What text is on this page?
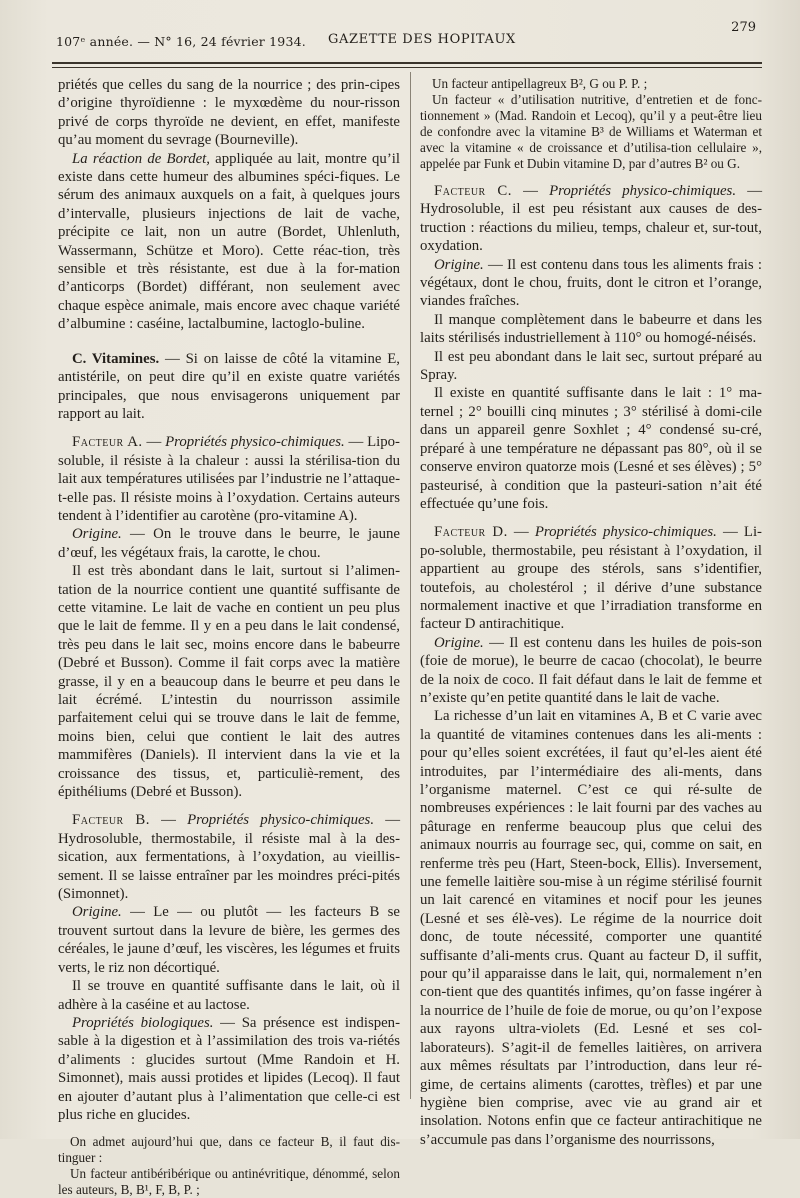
107ᵉ année. — N° 16, 24 février 1934. GAZETTE DES HOPITAUX
279

priétés que celles du sang de la nourrice ; des prin-cipes d’origine thyroïdienne : le myxœdème du nour-risson privé de corps thyroïde ne devient, en effet, manifeste qu’au moment du sevrage (Bourneville).

La réaction de Bordet, appliquée au lait, montre qu’il existe dans cette humeur des albumines spéci-fiques. Le sérum des animaux auxquels on a fait, à quelques jours d’intervalle, plusieurs injections de lait de vache, précipite ce lait, non un autre (Bordet, Uhlenluth, Wassermann, Schütze et Moro). Cette réac-tion, très sensible et très résistante, est due à la for-mation d’anticorps (Bordet) différant, non seulement avec chaque espèce animale, mais encore avec chaque variété d’albumine : caséine, lactalbumine, lactoglo-buline.

C. Vitamines. — Si on laisse de côté la vitamine E, antistérile, on peut dire qu’il en existe quatre variétés principales, que nous envisagerons uniquement par rapport au lait.

Facteur A. — Propriétés physico-chimiques. — Lipo-soluble, il résiste à la chaleur : aussi la stérilisa-tion du lait aux températures utilisées par l’industrie ne l’attaque-t-elle pas. Il résiste moins à l’oxydation. Certains auteurs tendent à l’identifier au carotène (pro-vitamine A).

Origine. — On le trouve dans le beurre, le jaune d’œuf, les végétaux frais, la carotte, le chou.

Il est très abondant dans le lait, surtout si l’alimen-tation de la nourrice contient une quantité suffisante de cette vitamine. Le lait de vache en contient un peu plus que le lait de femme. Il y en a peu dans le lait condensé, très peu dans le lait sec, moins encore dans le babeurre (Debré et Busson). Comme il fait corps avec la matière grasse, il y en a beaucoup dans le beurre et peu dans le lait écrémé. L’intestin du nourrisson assimile parfaitement celui qui se trouve dans le lait de femme, moins bien, celui que contient le lait des autres mammifères (Daniels). Il intervient dans la vie et la croissance des tissus, et, particuliè-rement, des épithéliums (Debré et Busson).

Facteur B. — Propriétés physico-chimiques. — Hydrosoluble, thermostabile, il résiste mal à la des-sication, aux fermentations, à l’oxydation, au vieillis-sement. Il se laisse entraîner par les moindres préci-pités (Simonnet).

Origine. — Le — ou plutôt — les facteurs B se trouvent surtout dans la levure de bière, les germes des céréales, le jaune d’œuf, les viscères, les légumes et fruits verts, le riz non décortiqué.

Il se trouve en quantité suffisante dans le lait, où il adhère à la caséine et au lactose.

Propriétés biologiques. — Sa présence est indispen-sable à la digestion et à l’assimilation des trois va-riétés d’aliments : glucides surtout (Mme Randoin et H. Simonnet), mais aussi protides et lipides (Lecoq). Il faut en ajouter d’autant plus à l’alimentation que celle-ci est plus riche en glucides.

On admet aujourd’hui que, dans ce facteur B, il faut dis-tinguer :

Un facteur antibéribérique ou antinévritique, dénommé, selon les auteurs, B, B¹, F, B, P. ;

Un facteur antipellagreux B², G ou P. P. ;

Un facteur « d’utilisation nutritive, d’entretien et de fonc-tionnement » (Mad. Randoin et Lecoq), qu’il y a peut-être lieu de confondre avec la vitamine B³ de Williams et Waterman et avec la vitamine « de croissance et d’utilisa-tion cellulaire », appelée par Funk et Dubin vitamine D, par d’autres B² ou G.

Facteur C. — Propriétés physico-chimiques. — Hydrosoluble, il est peu résistant aux causes de des-truction : réactions du milieu, temps, chaleur et, sur-tout, oxydation.

Origine. — Il est contenu dans tous les aliments frais : végétaux, dont le chou, fruits, dont le citron et l’orange, viandes fraîches.

Il manque complètement dans le babeurre et dans les laits stérilisés industriellement à 110° ou homogé-néisés.

Il est peu abondant dans le lait sec, surtout préparé au Spray.

Il existe en quantité suffisante dans le lait : 1° ma-ternel ; 2° bouilli cinq minutes ; 3° stérilisé à domi-cile dans un appareil genre Soxhlet ; 4° condensé su-cré, préparé à une température ne dépassant pas 80°, où il se conserve environ quatorze mois (Lesné et ses élèves) ; 5° pasteurisé, à condition que la pasteuri-sation n’ait été effectuée qu’une fois.

Facteur D. — Propriétés physico-chimiques. — Li-po-soluble, thermostabile, peu résistant à l’oxydation, il appartient au groupe des stérols, sans s’identifier, toutefois, au cholestérol ; il dérive d’une substance normalement inactive et que l’irradiation transforme en facteur D antirachitique.

Origine. — Il est contenu dans les huiles de pois-son (foie de morue), le beurre de cacao (chocolat), le beurre de la noix de coco. Il fait défaut dans le lait de femme et n’existe qu’en petite quantité dans le lait de vache.

La richesse d’un lait en vitamines A, B et C varie avec la quantité de vitamines contenues dans les ali-ments : pour qu’elles soient excrétées, il faut qu’el-les aient été introduites, par l’intermédiaire des ali-ments, dans l’organisme maternel. C’est ce qui ré-sulte de nombreuses expériences : le lait fourni par des vaches au pâturage en renferme beaucoup plus que celui des animaux nourris au fourrage sec, qui, comme on sait, en renferme très peu (Hart, Steen-bock, Ellis). Inversement, une femelle laitière sou-mise à un régime stérilisé fournit un lait carencé en vitamines et nocif pour les jeunes (Lesné et ses élè-ves). Le régime de la nourrice doit donc, de toute nécessité, comporter une quantité suffisante d’ali-ments crus. Quant au facteur D, il suffit, pour qu’il apparaisse dans le lait, qui, normalement n’en con-tient que des quantités infimes, qu’on fasse ingérer à la nourrice de l’huile de foie de morue, ou qu’on l’expose aux rayons ultra-violets (Ed. Lesné et ses col-laborateurs). S’agit-il de femelles laitières, on arrivera aux mêmes résultats par l’introduction, dans leur ré-gime, de certains aliments (carottes, trèfles) et par une hygiène bien comprise, avec vie au grand air et insolation. Notons enfin que ce facteur antirachitique ne s’accumule pas dans l’organisme des nourrissons,
